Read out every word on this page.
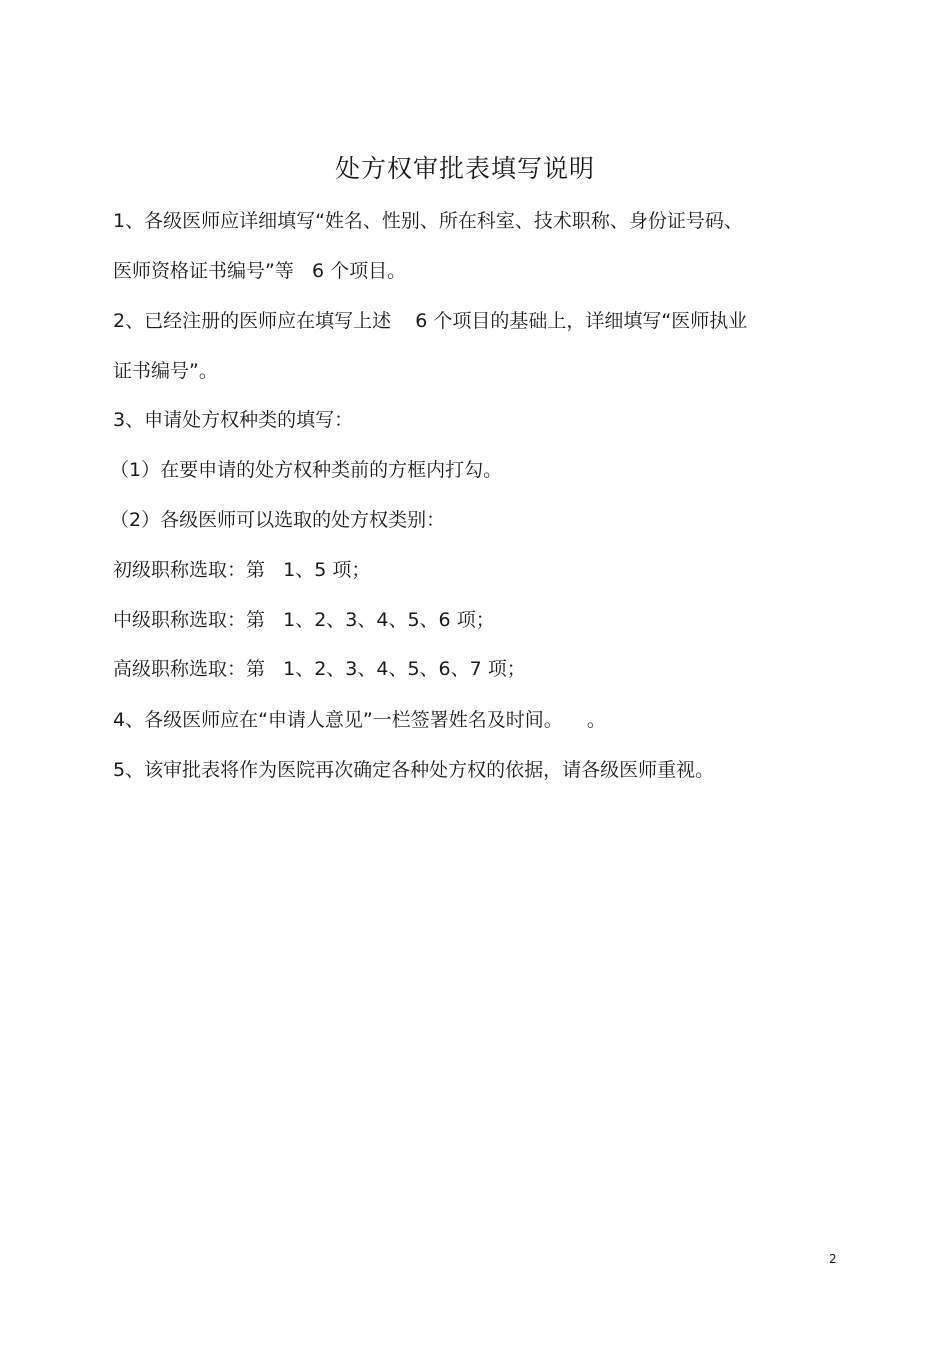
处方权审批表填写说明

1、各级医师应详细填写“姓名、性别、所在科室、技术职称、身份证号码、

医师资格证书编号”等   6 个项目。

2、已经注册的医师应在填写上述    6 个项目的基础上，详细填写“医师执业

证书编号”。

3、申请处方权种类的填写：

（1）在要申请的处方权种类前的方框内打勾。

（2）各级医师可以选取的处方权类别：

初级职称选取：第   1、5 项；

中级职称选取：第   1、2、3、4、5、6 项；

高级职称选取：第   1、2、3、4、5、6、7 项；

4、各级医师应在“申请人意见”一栏签署姓名及时间。    。

5、该审批表将作为医院再次确定各种处方权的依据，请各级医师重视。

2
